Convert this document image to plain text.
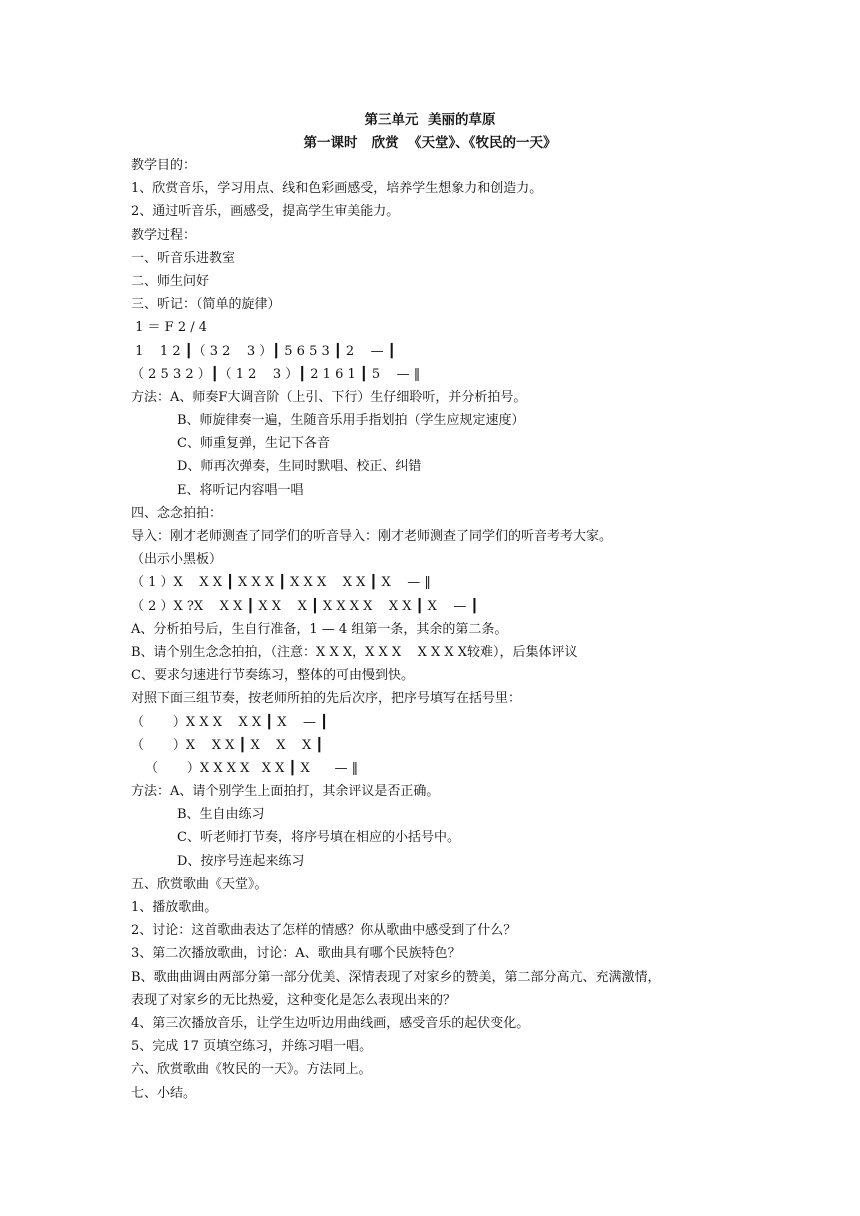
第三单元  美丽的草原
第一课时   欣赏  《天堂》、《牧民的一天》
教学目的：
1、欣赏音乐，学习用点、线和色彩画感受，培养学生想象力和创造力。
2、通过听音乐，画感受，提高学生审美能力。
教学过程：
一、听音乐进教室
二、师生问好
三、听记：（简单的旋律）
1 ＝ F 2 / 4
1    1 2 ┃（ 3 2    3 ）┃ 5 6 5 3 ┃ 2    — ┃
（ 2 5 3 2 ）┃（ 1 2    3 ）┃ 2 1 6 1 ┃ 5    — ‖
方法：A、师奏F大调音阶（上引、下行）生仔细聆听，并分析拍号。
B、师旋律奏一遍，生随音乐用手指划拍（学生应规定速度）
C、师重复弹，生记下各音
D、师再次弹奏，生同时默唱、校正、纠错
E、将听记内容唱一唱
四、念念拍拍：
导入：刚才老师测查了同学们的听音导入：刚才老师测查了同学们的听音考考大家。
（出示小黑板）
（ 1 ）X    X X ┃ X X X ┃ X X X    X X ┃ X    — ‖
（ 2 ）X ?X    X X ┃ X X    X ┃ X X X X    X X ┃ X    — ┃
A、分析拍号后，生自行准备，1 — 4 组第一条，其余的第二条。
B、请个别生念念拍拍，（注意：X X X，X X X    X X X X较难），后集体评议
C、要求匀速进行节奏练习，整体的可由慢到快。
对照下面三组节奏，按老师所拍的先后次序，把序号填写在括号里：
（       ）X X X    X X ┃ X    — ┃
（       ）X    X X ┃ X    X    X ┃
（       ）X X X X   X X ┃ X      — ‖
方法：A、请个别学生上面拍打，其余评议是否正确。
B、生自由练习
C、听老师打节奏，将序号填在相应的小括号中。
D、按序号连起来练习
五、欣赏歌曲《天堂》。
1、播放歌曲。
2、讨论：这首歌曲表达了怎样的情感？你从歌曲中感受到了什么？
3、第二次播放歌曲，讨论：A、歌曲具有哪个民族特色？
B、歌曲曲调由两部分第一部分优美、深情表现了对家乡的赞美，第二部分高亢、充满激情，
表现了对家乡的无比热爱，这种变化是怎么表现出来的？
4、第三次播放音乐，让学生边听边用曲线画，感受音乐的起伏变化。
5、完成 17 页填空练习，并练习唱一唱。
六、欣赏歌曲《牧民的一天》。方法同上。
七、小结。
